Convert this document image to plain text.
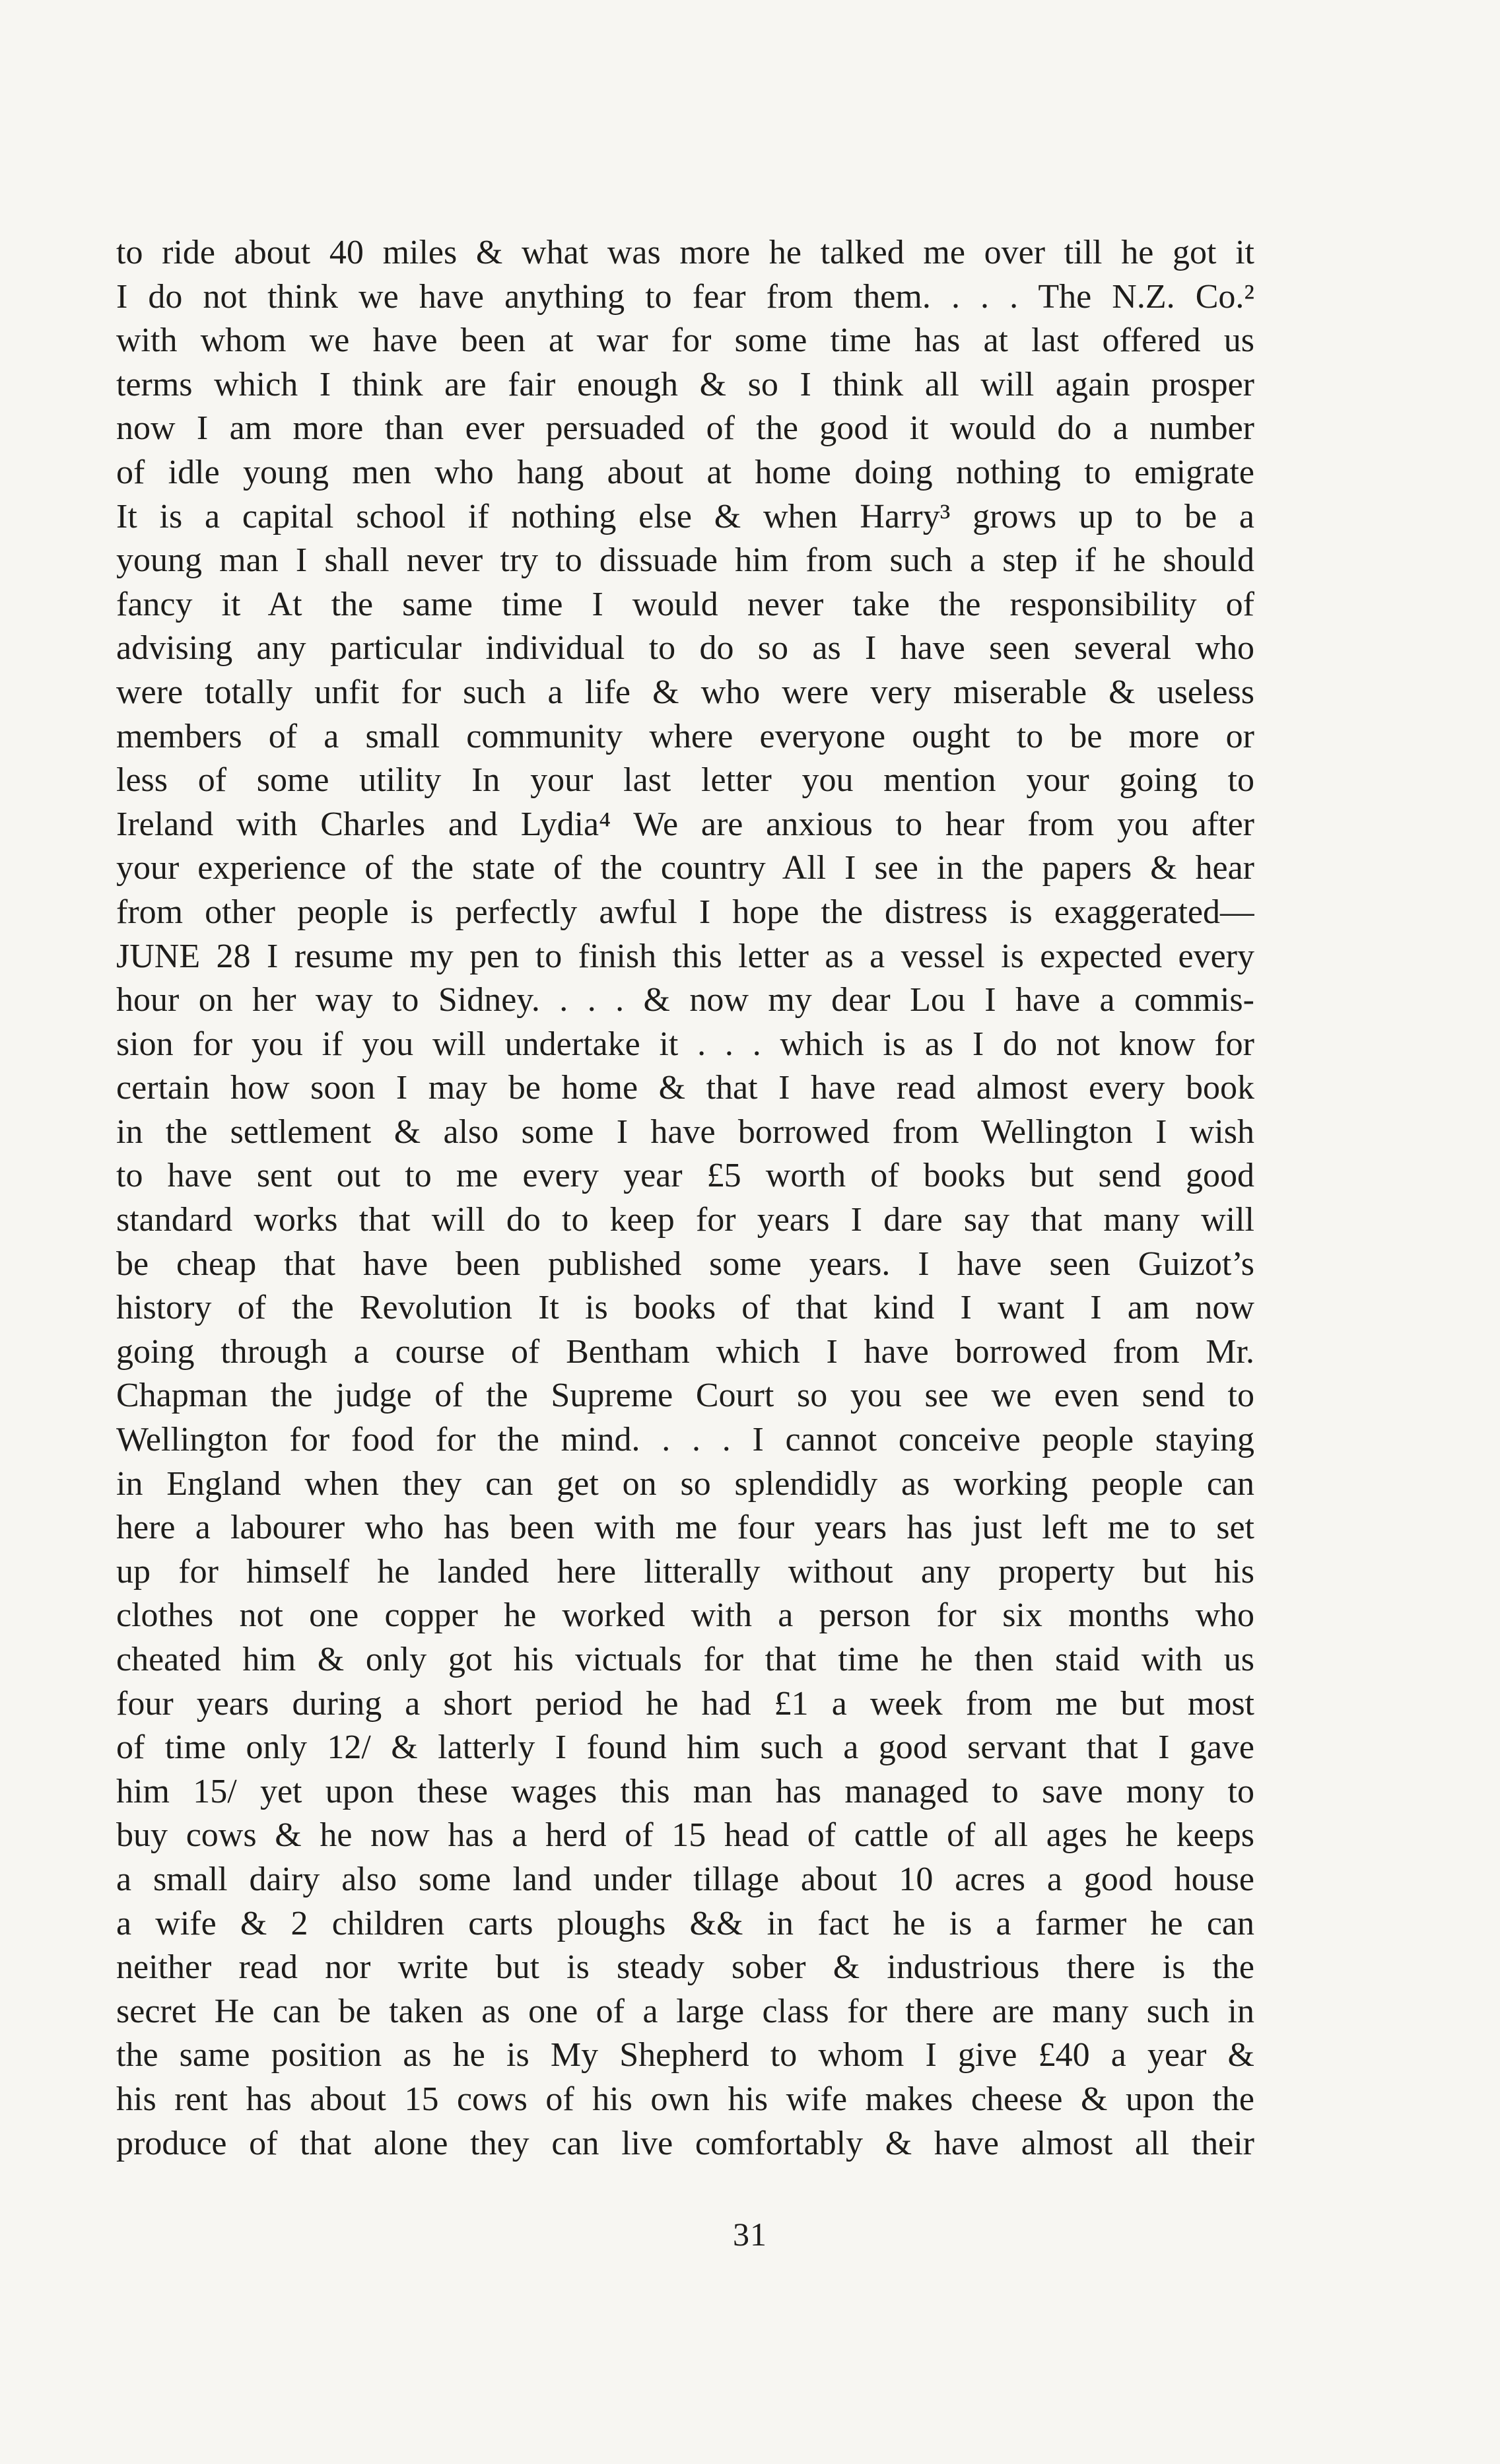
to ride about 40 miles & what was more he talked me over till he got it
I do not think we have anything to fear from them. . . . The N.Z. Co.²
with whom we have been at war for some time has at last offered us
terms which I think are fair enough & so I think all will again prosper
now I am more than ever persuaded of the good it would do a number
of idle young men who hang about at home doing nothing to emigrate
It is a capital school if nothing else & when Harry³ grows up to be a
young man I shall never try to dissuade him from such a step if he should
fancy it At the same time I would never take the responsibility of
advising any particular individual to do so as I have seen several who
were totally unfit for such a life & who were very miserable & useless
members of a small community where everyone ought to be more or
less of some utility In your last letter you mention your going to
Ireland with Charles and Lydia⁴ We are anxious to hear from you after
your experience of the state of the country All I see in the papers & hear
from other people is perfectly awful I hope the distress is exaggerated—
JUNE 28 I resume my pen to finish this letter as a vessel is expected every
hour on her way to Sidney. . . . & now my dear Lou I have a commis-
sion for you if you will undertake it . . . which is as I do not know for
certain how soon I may be home & that I have read almost every book
in the settlement & also some I have borrowed from Wellington I wish
to have sent out to me every year £5 worth of books but send good
standard works that will do to keep for years I dare say that many will
be cheap that have been published some years. I have seen Guizot’s
history of the Revolution It is books of that kind I want I am now
going through a course of Bentham which I have borrowed from Mr.
Chapman the judge of the Supreme Court so you see we even send to
Wellington for food for the mind. . . . I cannot conceive people staying
in England when they can get on so splendidly as working people can
here a labourer who has been with me four years has just left me to set
up for himself he landed here litterally without any property but his
clothes not one copper he worked with a person for six months who
cheated him & only got his victuals for that time he then staid with us
four years during a short period he had £1 a week from me but most
of time only 12/ & latterly I found him such a good servant that I gave
him 15/ yet upon these wages this man has managed to save mony to
buy cows & he now has a herd of 15 head of cattle of all ages he keeps
a small dairy also some land under tillage about 10 acres a good house
a wife & 2 children carts ploughs && in fact he is a farmer he can
neither read nor write but is steady sober & industrious there is the
secret He can be taken as one of a large class for there are many such in
the same position as he is My Shepherd to whom I give £40 a year &
his rent has about 15 cows of his own his wife makes cheese & upon the
produce of that alone they can live comfortably & have almost all their
31
